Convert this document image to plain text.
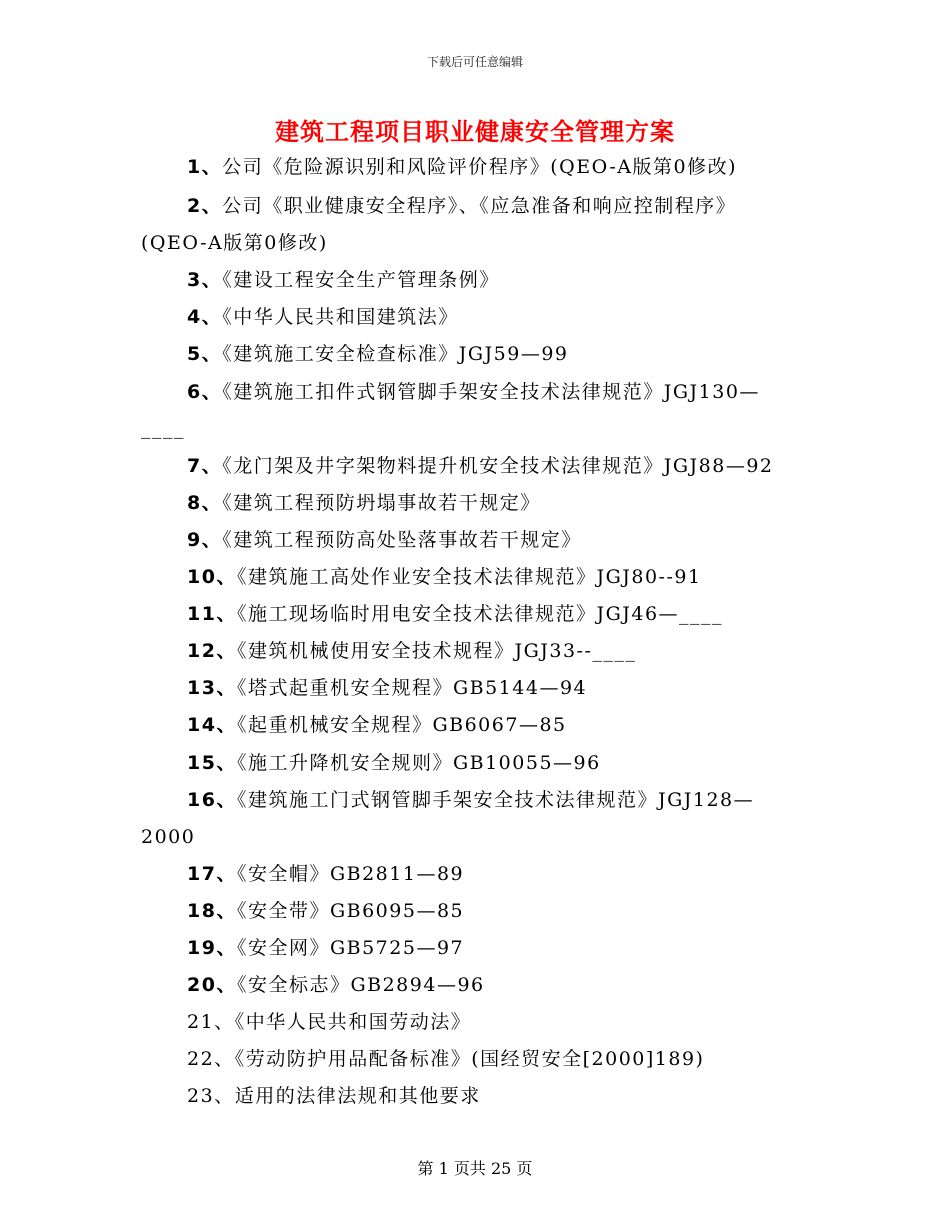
下载后可任意编辑
建筑工程项目职业健康安全管理方案
1、公司《危险源识别和风险评价程序》(QEO-A版第0修改)
2、公司《职业健康安全程序》、《应急准备和响应控制程序》
(QEO-A版第0修改)
3、《建设工程安全生产管理条例》
4、《中华人民共和国建筑法》
5、《建筑施工安全检查标准》JGJ59—99
6、《建筑施工扣件式钢管脚手架安全技术法律规范》JGJ130—
____
7、《龙门架及井字架物料提升机安全技术法律规范》JGJ88—92
8、《建筑工程预防坍塌事故若干规定》
9、《建筑工程预防高处坠落事故若干规定》
10、《建筑施工高处作业安全技术法律规范》JGJ80--91
11、《施工现场临时用电安全技术法律规范》JGJ46—____
12、《建筑机械使用安全技术规程》JGJ33--____
13、《塔式起重机安全规程》GB5144—94
14、《起重机械安全规程》GB6067—85
15、《施工升降机安全规则》GB10055—96
16、《建筑施工门式钢管脚手架安全技术法律规范》JGJ128—
2000
17、《安全帽》GB2811—89
18、《安全带》GB6095—85
19、《安全网》GB5725—97
20、《安全标志》GB2894—96
21、《中华人民共和国劳动法》
22、《劳动防护用品配备标准》(国经贸安全[2000]189)
23、适用的法律法规和其他要求
第 1 页共 25 页
